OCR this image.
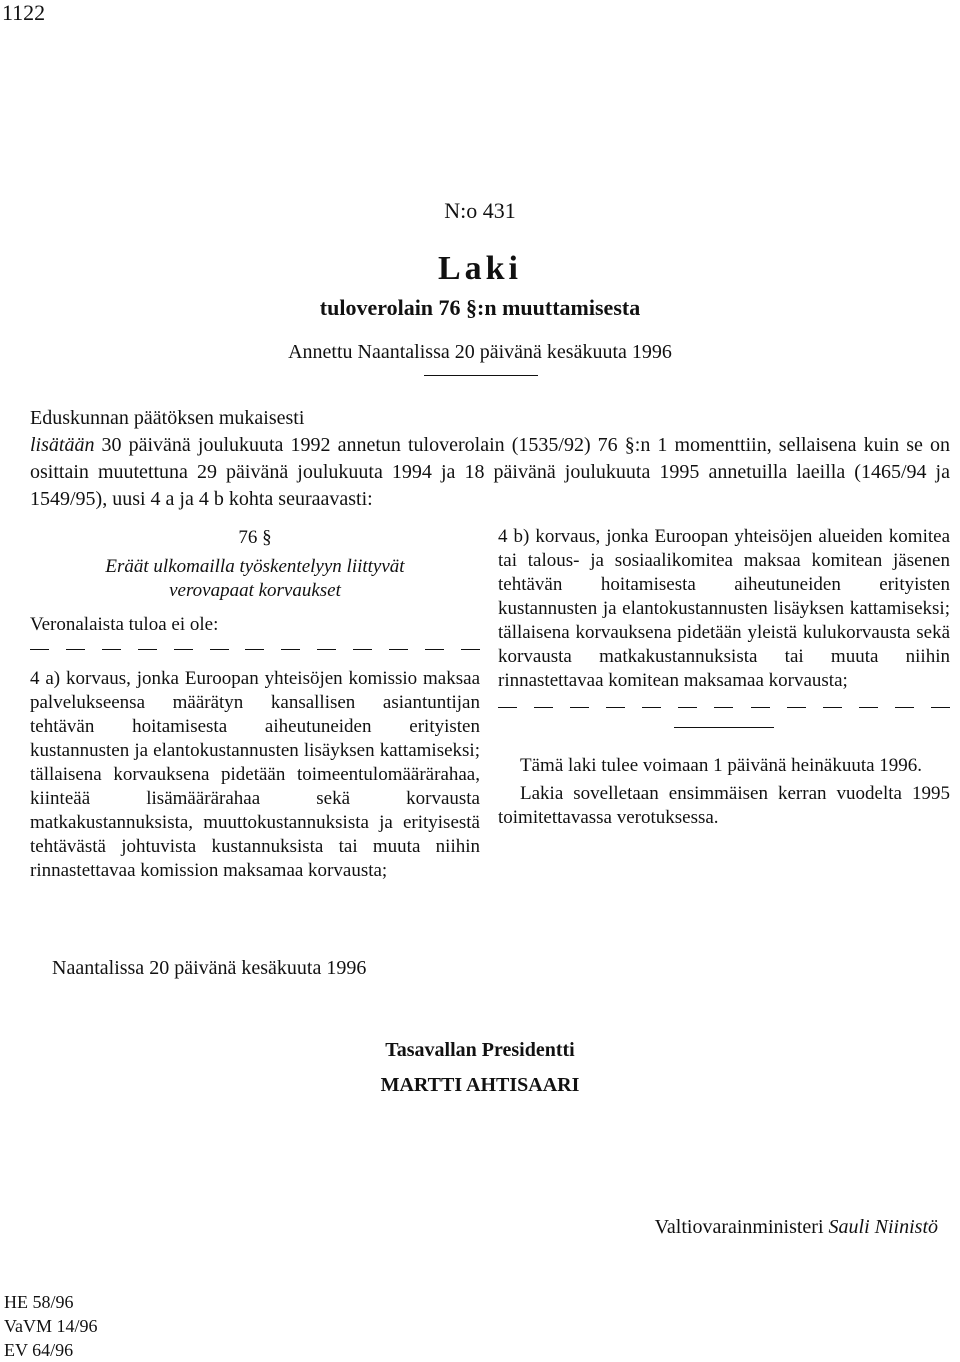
1122
N:o 431
Laki
tuloverolain 76 §:n muuttamisesta
Annettu Naantalissa 20 päivänä kesäkuuta 1996
Eduskunnan päätöksen mukaisesti
lisätään 30 päivänä joulukuuta 1992 annetun tuloverolain (1535/92) 76 §:n 1 momenttiin, sellaisena kuin se on osittain muutettuna 29 päivänä joulukuuta 1994 ja 18 päivänä joulukuuta 1995 annetuilla laeilla (1465/94 ja 1549/95), uusi 4 a ja 4 b kohta seuraavasti:
76 §
Eräät ulkomailla työskentelyyn liittyvät verovapaat korvaukset
Veronalaista tuloa ei ole:
4 a) korvaus, jonka Euroopan yhteisöjen komissio maksaa palvelukseensa määrätyn kansallisen asiantuntijan tehtävän hoitamisesta aiheutuneiden erityisten kustannusten ja elantokustannusten lisäyksen kattamiseksi; tällaisena korvauksena pidetään toimeentulomäärärahaa, kiinteää lisämäärärahaa sekä korvausta matkakustannuksista, muuttokustannuksista ja erityisestä tehtävästä johtuvista kustannuksista tai muuta niihin rinnastettavaa komission maksamaa korvausta;
4 b) korvaus, jonka Euroopan yhteisöjen alueiden komitea tai talous- ja sosiaalikomitea maksaa komitean jäsenen tehtävän hoitamisesta aiheutuneiden erityisten kustannusten ja elantokustannusten lisäyksen kattamiseksi; tällaisena korvauksena pidetään yleistä kulukorvausta sekä korvausta matkakustannuksista tai muuta niihin rinnastettavaa komitean maksamaa korvausta;
Tämä laki tulee voimaan 1 päivänä heinäkuuta 1996.
Lakia sovelletaan ensimmäisen kerran vuodelta 1995 toimitettavassa verotuksessa.
Naantalissa 20 päivänä kesäkuuta 1996
Tasavallan Presidentti
MARTTI AHTISAARI
Valtiovarainministeri Sauli Niinistö
HE 58/96
VaVM 14/96
EV 64/96
